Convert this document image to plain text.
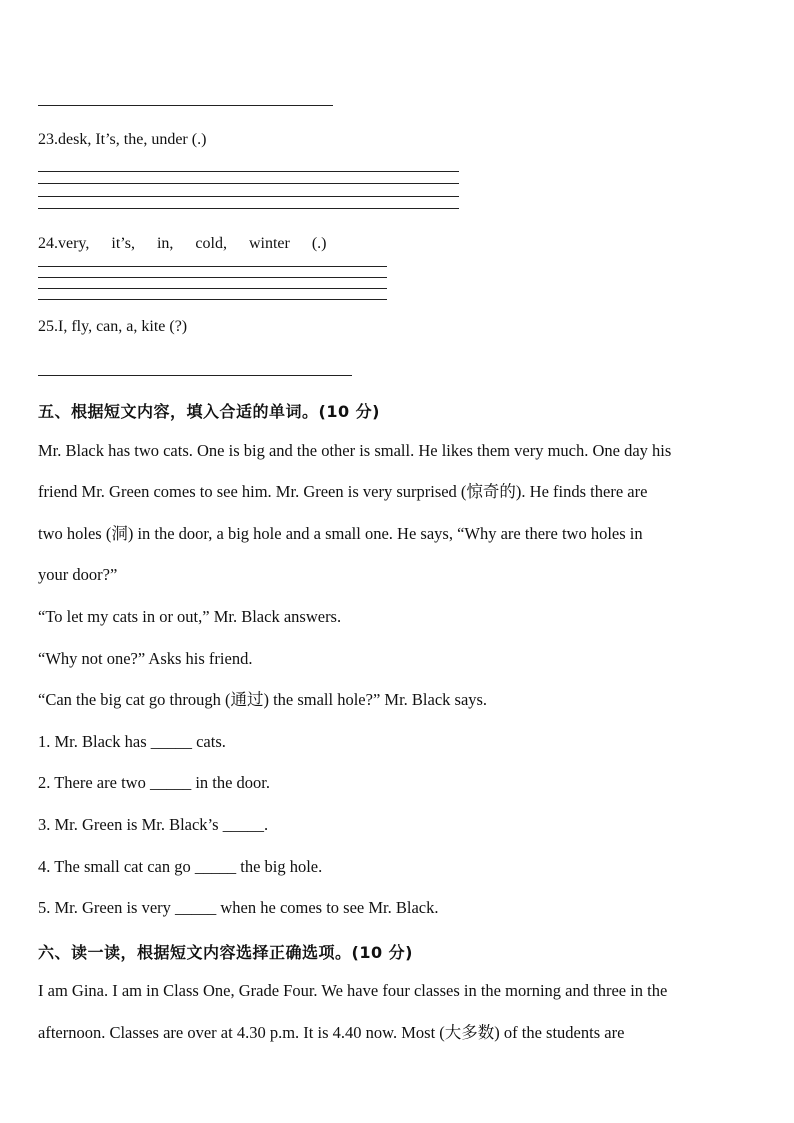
23.desk, It’s, the, under (.)
24.very, it’s, in, cold, winter (.)
25.I, fly, can, a, kite (?)
五、根据短文内容，填入合适的单词。(10 分)
Mr. Black has two cats. One is big and the other is small. He likes them very much. One day his
friend Mr. Green comes to see him. Mr. Green is very surprised (惊奇的). He finds there are
two holes (洞) in the door, a big hole and a small one. He says, “Why are there two holes in
your door?”
“To let my cats in or out,” Mr. Black answers.
“Why not one?” Asks his friend.
“Can the big cat go through (通过) the small hole?” Mr. Black says.
1. Mr. Black has _____ cats.
2. There are two _____ in the door.
3. Mr. Green is Mr. Black’s _____.
4. The small cat can go _____ the big hole.
5. Mr. Green is very _____ when he comes to see Mr. Black.
六、读一读，根据短文内容选择正确选项。(10 分)
I am Gina. I am in Class One, Grade Four. We have four classes in the morning and three in the
afternoon. Classes are over at 4.30 p.m. It is 4.40 now. Most (大多数) of the students are
